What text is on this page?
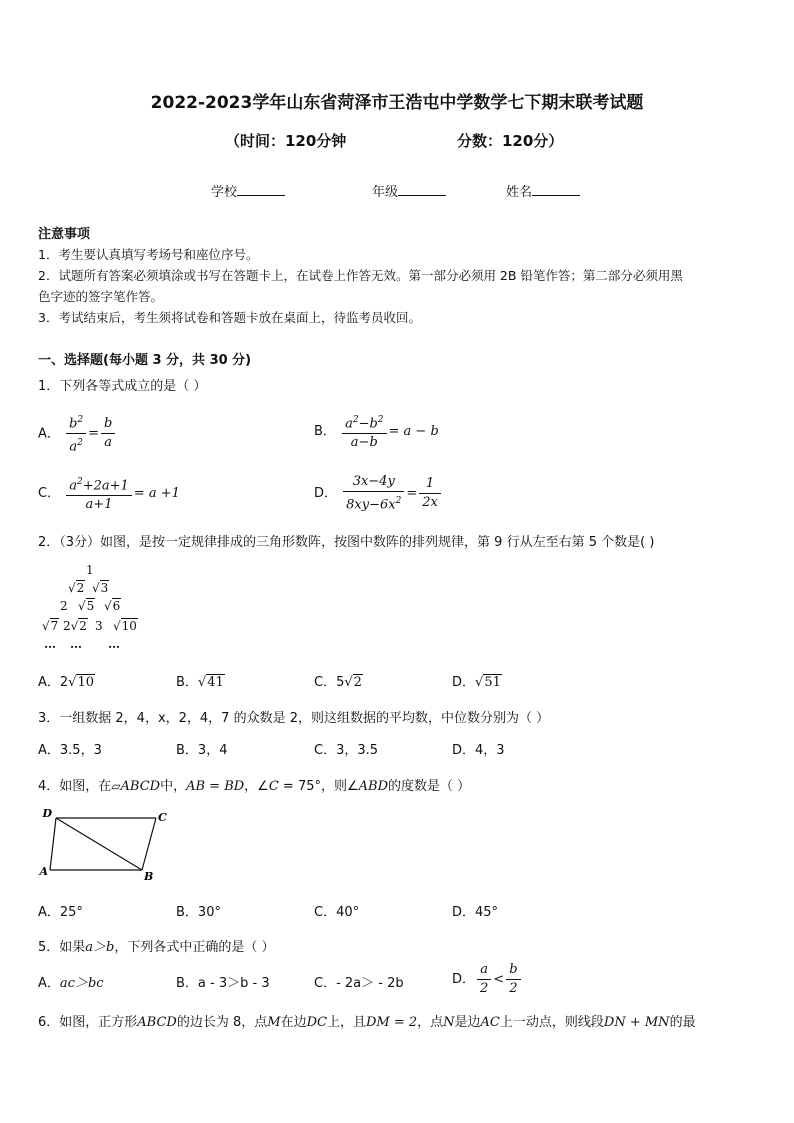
2022-2023学年山东省菏泽市王浩屯中学数学七下期末联考试题
（时间：120分钟	分数：120分）
学校	年级	姓名
注意事项
1．考生要认真填写考场号和座位序号。
2．试题所有答案必须填涂或书写在答题卡上，在试卷上作答无效。第一部分必须用 2B 铅笔作答；第二部分必须用黑
色字迹的签字笔作答。
3．考试结束后，考生须将试卷和答题卡放在桌面上，待监考员收回。
一、选择题(每小题 3 分，共 30 分)
1．下列各等式成立的是（ ）
A． $\frac{b^2}{a^2} = \frac{b}{a}$	B． $\frac{a^2-b^2}{a-b} = a - b$
C． $\frac{a^2+2a+1}{a+1} = a +1$	D． $\frac{3x-4y}{8xy-6x^2} = \frac{1}{2x}$
2．（3分）如图，是按一定规律排成的三角形数阵，按图中数阵的排列规律，第 9 行从左至右第 5 个数是( )
1
√2 √3
2 √5 √6
√7 2√2 3 √10
… … …
A．2√10	B．√41	C．5√2	D．√51
3．一组数据 2，4，x，2，4，7 的众数是 2，则这组数据的平均数，中位数分别为（ ）
A．3.5，3	B．3，4	C．3，3.5	D．4，3
4．如图，在▱ABCD中，AB = BD，∠C = 75°，则∠ABD的度数是（ ）
D	C
A	B
A．25°	B．30°	C．40°	D．45°
5．如果a＞b，下列各式中正确的是（ ）
A．ac＞bc	B．a - 3＞b - 3	C．- 2a＞ - 2b	D． $\frac{a}{2} < \frac{b}{2}$
6．如图，正方形ABCD的边长为 8，点M在边DC上，且DM = 2，点N是边AC上一动点，则线段DN + MN的最
